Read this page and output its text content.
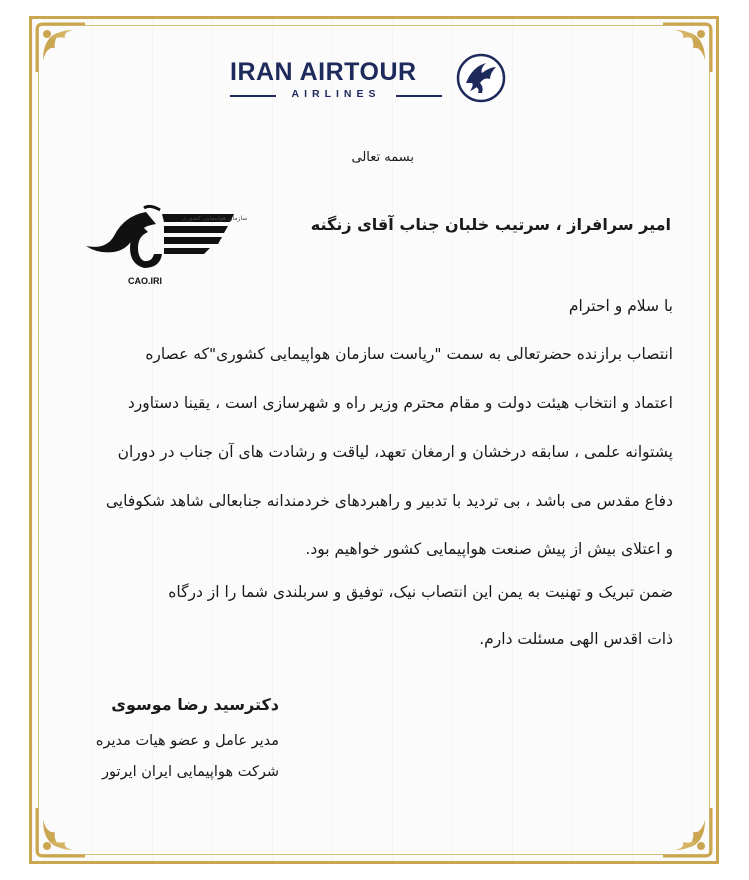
IRAN AIRTOUR
AIRLINES
سازمان هواپیمایی کشوری
CAO.IRI
بسمه تعالی
امیر سرافراز ، سرتیب خلبان جناب آقای زنگنه
با سلام و احترام
انتصاب برازنده حضرتعالی به سمت "ریاست سازمان هواپیمایی کشوری"که عصاره
اعتماد و انتخاب هیئت دولت و مقام محترم وزیر راه و شهرسازی است ، یقینا دستاورد
پشتوانه علمی ، سابقه درخشان و ارمغان تعهد، لیاقت و رشادت های آن جناب در دوران
دفاع مقدس می باشد ، بی تردید با تدبیر و راهبردهای خردمندانه جنابعالی شاهد شکوفایی
و اعتلای بیش از پیش صنعت هواپیمایی کشور خواهیم بود.
ضمن تبریک و تهنیت به یمن این انتصاب نیک، توفیق و سربلندی شما را از درگاه
ذات اقدس الهی مسئلت دارم.
دکترسید رضا موسوی
مدیر عامل و عضو هیات مدیره
شرکت هواپیمایی ایران ایرتور
